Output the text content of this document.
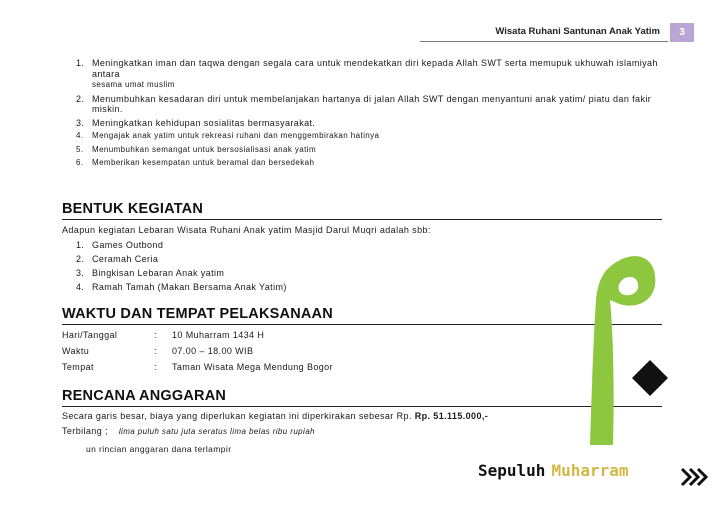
Wisata Ruhani Santunan Anak Yatim	3
1. Meningkatkan iman dan taqwa dengan segala cara untuk mendekatkan diri kepada Allah SWT serta memupuk ukhuwah islamiyah antara
sesama umat muslim
2. Menumbuhkan kesadaran diri untuk membelanjakan hartanya di jalan Allah SWT dengan menyantuni anak yatim/ piatu dan fakir miskin.
3. Meningkatkan kehidupan sosialitas bermasyarakat.
4. Mengajak anak yatim untuk rekreasi ruhani dan menggembirakan hatinya
5. Menumbuhkan semangat untuk bersosialisasi anak yatim
6. Memberikan kesempatan untuk beramal dan bersedekah
BENTUK KEGIATAN
Adapun kegiatan Lebaran Wisata Ruhani Anak yatim Masjid Darul Muqri adalah sbb:
1. Games Outbond
2. Ceramah Ceria
3. Bingkisan Lebaran Anak yatim
4. Ramah Tamah (Makan Bersama Anak Yatim)
WAKTU DAN TEMPAT PELAKSANAAN
Hari/Tanggal	:	10 Muharram 1434 H
Waktu	:	07.00 – 18.00 WIB
Tempat	:	Taman Wisata Mega Mendung Bogor
RENCANA ANGGARAN
Secara garis besar, biaya yang diperlukan kegiatan ini diperkirakan sebesar Rp. Rp. 51.115.000,-
Terbilang ; lima puluh satu juta seratus lima belas ribu rupiah
un rincian anggaran dana terlampir
Sepuluh Muharram
